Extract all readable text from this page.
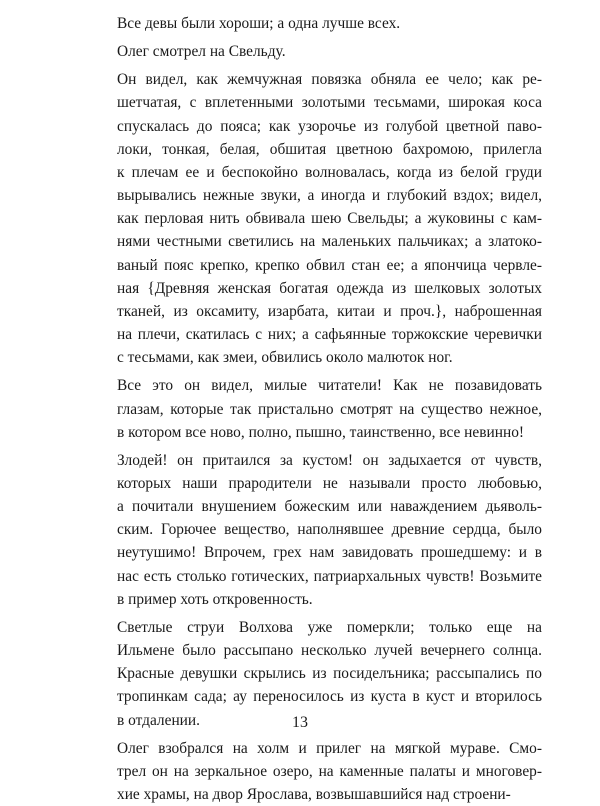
Все девы были хороши; а одна лучше всех.

Олег смотрел на Свельду.

Он видел, как жемчужная повязка обняла ее чело; как ре-
шетчатая, с вплетенными золотыми тесьмами, широкая коса
спускалась до пояса; как узорочье из голубой цветной паво-
локи, тонкая, белая, обшитая цветною бахромою, прилегла
к плечам ее и беспокойно волновалась, когда из белой груди
вырывались нежные звуки, а иногда и глубокий вздох; видел,
как перловая нить обвивала шею Свельды; а жуковины с кам-
нями честными светились на маленьких пальчиках; а златоко-
ваный пояс крепко, крепко обвил стан ее; а япончица червле-
ная {Древняя женская богатая одежда из шелковых золотых
тканей, из оксамиту, изарбата, китаи и проч.}, наброшенная
на плечи, скатилась с них; а сафьянные торжокские черевички
с тесьмами, как змеи, обвились около малюток ног.

Все это он видел, милые читатели! Как не позавидовать
глазам, которые так пристально смотрят на существо нежное,
в котором все ново, полно, пышно, таинственно, все невинно!

Злодей! он притаился за кустом! он задыхается от чувств,
которых наши прародители не называли просто любовью,
а почитали внушением божеским или наваждением дьяволь-
ским. Горючее вещество, наполнявшее древние сердца, было
неутушимо! Впрочем, грех нам завидовать прошедшему: и в
нас есть столько готических, патриархальных чувств! Возьмите
в пример хоть откровенность.

Светлые струи Волхова уже померкли; только еще на
Ильмене было рассыпано несколько лучей вечернего солнца.
Красные девушки скрылись из посиделъника; рассыпались по
тропинкам сада; ау переносилось из куста в куст и вторилось
в отдалении.

Олег взобрался на холм и прилег на мягкой мураве. Смо-
трел он на зеркальное озеро, на каменные палаты и многовер-
хие храмы, на двор Ярослава, возвышавшийся над строени-

13
